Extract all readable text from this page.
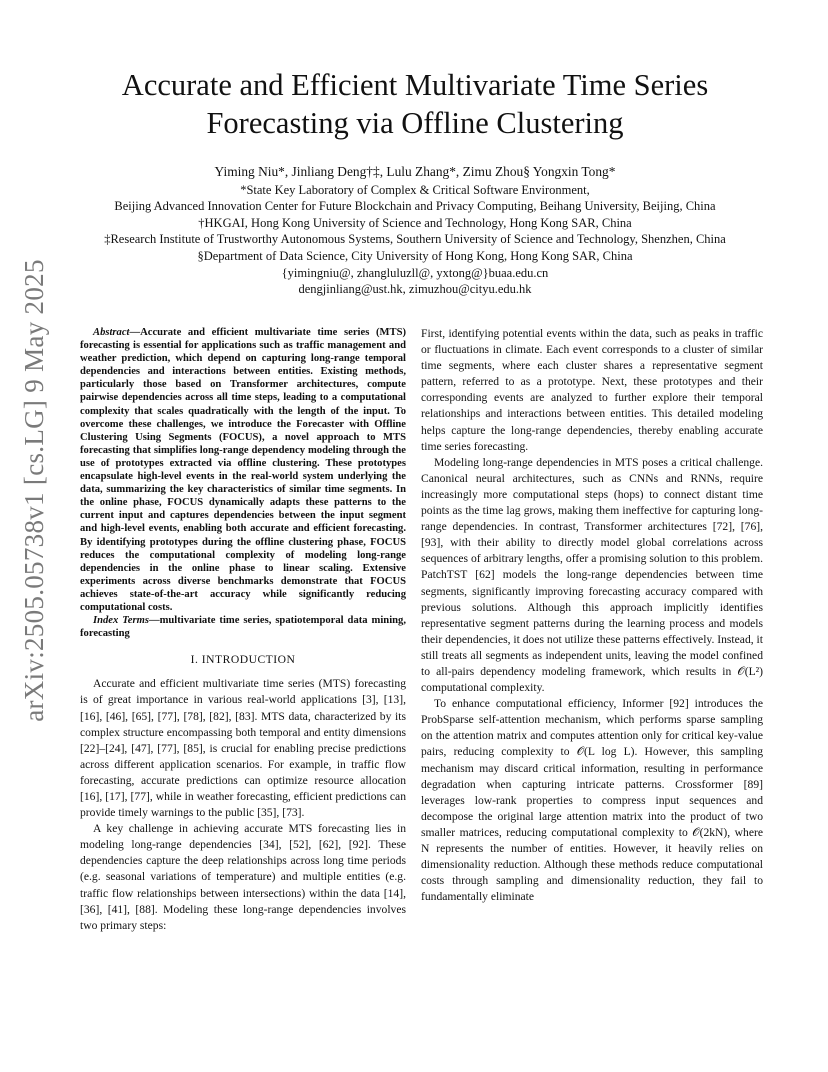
arXiv:2505.05738v1 [cs.LG] 9 May 2025
Accurate and Efficient Multivariate Time Series
Forecasting via Offline Clustering
Yiming Niu*, Jinliang Deng†‡, Lulu Zhang*, Zimu Zhou§ Yongxin Tong*
*State Key Laboratory of Complex & Critical Software Environment,
Beijing Advanced Innovation Center for Future Blockchain and Privacy Computing, Beihang University, Beijing, China
†HKGAI, Hong Kong University of Science and Technology, Hong Kong SAR, China
‡Research Institute of Trustworthy Autonomous Systems, Southern University of Science and Technology, Shenzhen, China
§Department of Data Science, City University of Hong Kong, Hong Kong SAR, China
{yimingniu@, zhangluluzll@, yxtong@}buaa.edu.cn
dengjinliang@ust.hk, zimuzhou@cityu.edu.hk

Abstract—Accurate and efficient multivariate time series (MTS) forecasting is essential for applications such as traffic management and weather prediction, which depend on capturing long-range temporal dependencies and interactions between entities. Existing methods, particularly those based on Transformer architectures, compute pairwise dependencies across all time steps, leading to a computational complexity that scales quadratically with the length of the input. To overcome these challenges, we introduce the Forecaster with Offline Clustering Using Segments (FOCUS), a novel approach to MTS forecasting that simplifies long-range dependency modeling through the use of prototypes extracted via offline clustering. These prototypes encapsulate high-level events in the real-world system underlying the data, summarizing the key characteristics of similar time segments. In the online phase, FOCUS dynamically adapts these patterns to the current input and captures dependencies between the input segment and high-level events, enabling both accurate and efficient forecasting. By identifying prototypes during the offline clustering phase, FOCUS reduces the computational complexity of modeling long-range dependencies in the online phase to linear scaling. Extensive experiments across diverse benchmarks demonstrate that FOCUS achieves state-of-the-art accuracy while significantly reducing computational costs.

Index Terms—multivariate time series, spatiotemporal data mining, forecasting

I. INTRODUCTION

Accurate and efficient multivariate time series (MTS) forecasting is of great importance in various real-world applications [3], [13], [16], [46], [65], [77], [78], [82], [83]. MTS data, characterized by its complex structure encompassing both temporal and entity dimensions [22]–[24], [47], [77], [85], is crucial for enabling precise predictions across different application scenarios. For example, in traffic flow forecasting, accurate predictions can optimize resource allocation [16], [17], [77], while in weather forecasting, efficient predictions can provide timely warnings to the public [35], [73].

A key challenge in achieving accurate MTS forecasting lies in modeling long-range dependencies [34], [52], [62], [92]. These dependencies capture the deep relationships across long time periods (e.g. seasonal variations of temperature) and multiple entities (e.g. traffic flow relationships between intersections) within the data [14], [36], [41], [88]. Modeling these long-range dependencies involves two primary steps:

First, identifying potential events within the data, such as peaks in traffic or fluctuations in climate. Each event corresponds to a cluster of similar time segments, where each cluster shares a representative segment pattern, referred to as a prototype. Next, these prototypes and their corresponding events are analyzed to further explore their temporal relationships and interactions between entities. This detailed modeling helps capture the long-range dependencies, thereby enabling accurate time series forecasting.

Modeling long-range dependencies in MTS poses a critical challenge. Canonical neural architectures, such as CNNs and RNNs, require increasingly more computational steps (hops) to connect distant time points as the time lag grows, making them ineffective for capturing long-range dependencies. In contrast, Transformer architectures [72], [76], [93], with their ability to directly model global correlations across sequences of arbitrary lengths, offer a promising solution to this problem. PatchTST [62] models the long-range dependencies between time segments, significantly improving forecasting accuracy compared with previous solutions. Although this approach implicitly identifies representative segment patterns during the learning process and models their dependencies, it does not utilize these patterns effectively. Instead, it still treats all segments as independent units, leaving the model confined to all-pairs dependency modeling framework, which results in 𝒪(L²) computational complexity.

To enhance computational efficiency, Informer [92] introduces the ProbSparse self-attention mechanism, which performs sparse sampling on the attention matrix and computes attention only for critical key-value pairs, reducing complexity to 𝒪(L log L). However, this sampling mechanism may discard critical information, resulting in performance degradation when capturing intricate patterns. Crossformer [89] leverages low-rank properties to compress input sequences and decompose the original large attention matrix into the product of two smaller matrices, reducing computational complexity to 𝒪(2kN), where N represents the number of entities. However, it heavily relies on dimensionality reduction. Although these methods reduce computational costs through sampling and dimensionality reduction, they fail to fundamentally eliminate
